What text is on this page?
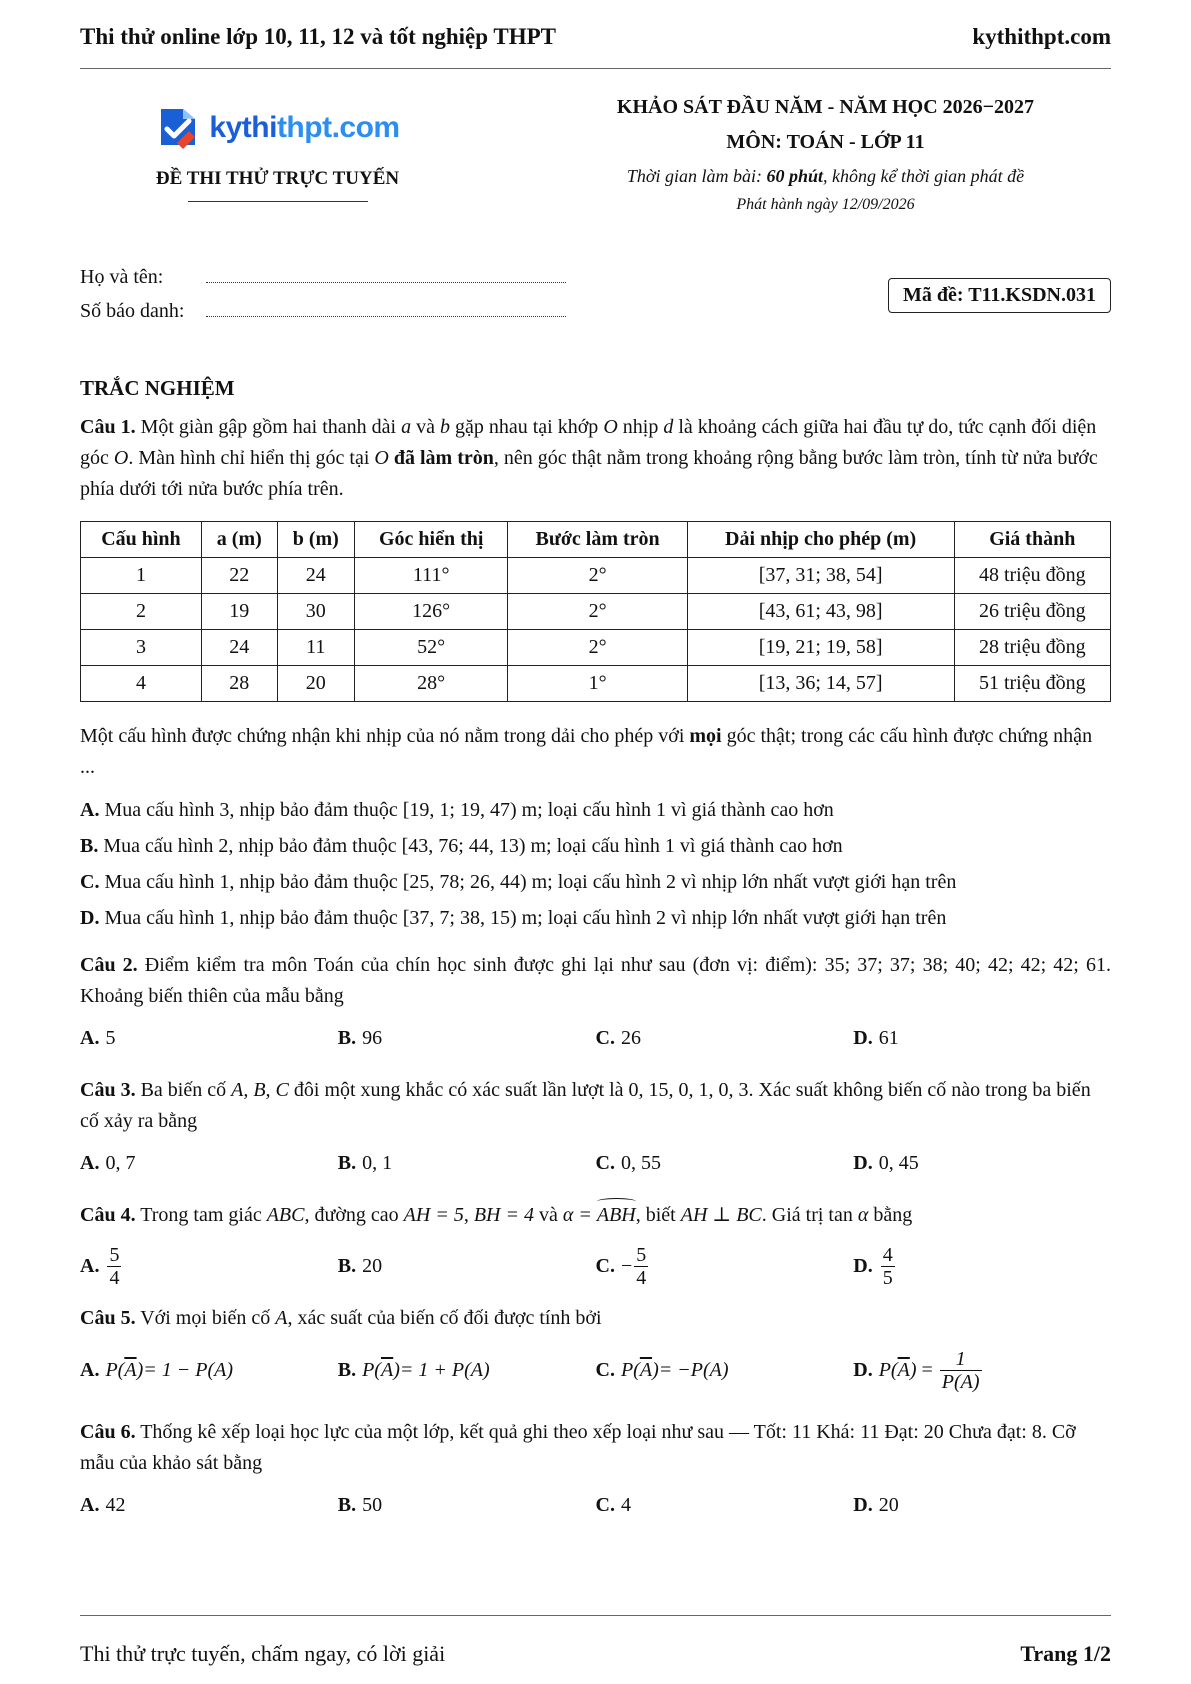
Thi thử online lớp 10, 11, 12 và tốt nghiệp THPT	kythithpt.com
kythithpt.com
ĐỀ THI THỬ TRỰC TUYẾN
KHẢO SÁT ĐẦU NĂM - NĂM HỌC 2026−2027
MÔN: TOÁN - LỚP 11
Thời gian làm bài: 60 phút, không kể thời gian phát đề
Phát hành ngày 12/09/2026
Họ và tên:
Số báo danh:
Mã đề: T11.KSDN.031
TRẮC NGHIỆM
Câu 1. Một giàn gập gồm hai thanh dài a và b gặp nhau tại khớp O nhịp d là khoảng cách giữa hai đầu tự do, tức cạnh đối diện góc O. Màn hình chỉ hiển thị góc tại O đã làm tròn, nên góc thật nằm trong khoảng rộng bằng bước làm tròn, tính từ nửa bước phía dưới tới nửa bước phía trên.
Cấu hình	a (m)	b (m)	Góc hiển thị	Bước làm tròn	Dải nhịp cho phép (m)	Giá thành
1	22	24	111°	2°	[37, 31; 38, 54]	48 triệu đồng
2	19	30	126°	2°	[43, 61; 43, 98]	26 triệu đồng
3	24	11	52°	2°	[19, 21; 19, 58]	28 triệu đồng
4	28	20	28°	1°	[13, 36; 14, 57]	51 triệu đồng
Một cấu hình được chứng nhận khi nhịp của nó nằm trong dải cho phép với mọi góc thật; trong các cấu hình được chứng nhận ...
A. Mua cấu hình 3, nhịp bảo đảm thuộc [19, 1; 19, 47) m; loại cấu hình 1 vì giá thành cao hơn
B. Mua cấu hình 2, nhịp bảo đảm thuộc [43, 76; 44, 13) m; loại cấu hình 1 vì giá thành cao hơn
C. Mua cấu hình 1, nhịp bảo đảm thuộc [25, 78; 26, 44) m; loại cấu hình 2 vì nhịp lớn nhất vượt giới hạn trên
D. Mua cấu hình 1, nhịp bảo đảm thuộc [37, 7; 38, 15) m; loại cấu hình 2 vì nhịp lớn nhất vượt giới hạn trên
Câu 2. Điểm kiểm tra môn Toán của chín học sinh được ghi lại như sau (đơn vị: điểm): 35; 37; 37; 38; 40; 42; 42; 42; 61. Khoảng biến thiên của mẫu bằng
A. 5	B. 96	C. 26	D. 61
Câu 3. Ba biến cố A, B, C đôi một xung khắc có xác suất lần lượt là 0, 15, 0, 1, 0, 3. Xác suất không biến cố nào trong ba biến cố xảy ra bằng
A. 0, 7	B. 0, 1	C. 0, 55	D. 0, 45
Câu 4. Trong tam giác ABC, đường cao AH = 5, BH = 4 và α = ABH, biết AH ⊥ BC. Giá trị tan α bằng
A. $\frac{5}{4}$	B. 20	C. − $\frac{5}{4}$	D. $\frac{4}{5}$
Câu 5. Với mọi biến cố A, xác suất của biến cố đối được tính bởi
A. $P(\overline{A}) = 1 - P(A)$	B. $P(\overline{A}) = 1 + P(A)$	C. $P(\overline{A}) = -P(A)$	D. $P(\overline{A}) = \frac{1}{P(A)}$
Câu 6. Thống kê xếp loại học lực của một lớp, kết quả ghi theo xếp loại như sau — Tốt: 11 Khá: 11 Đạt: 20 Chưa đạt: 8. Cỡ mẫu của khảo sát bằng
A. 42	B. 50	C. 4	D. 20
Thi thử trực tuyến, chấm ngay, có lời giải	Trang 1/2
